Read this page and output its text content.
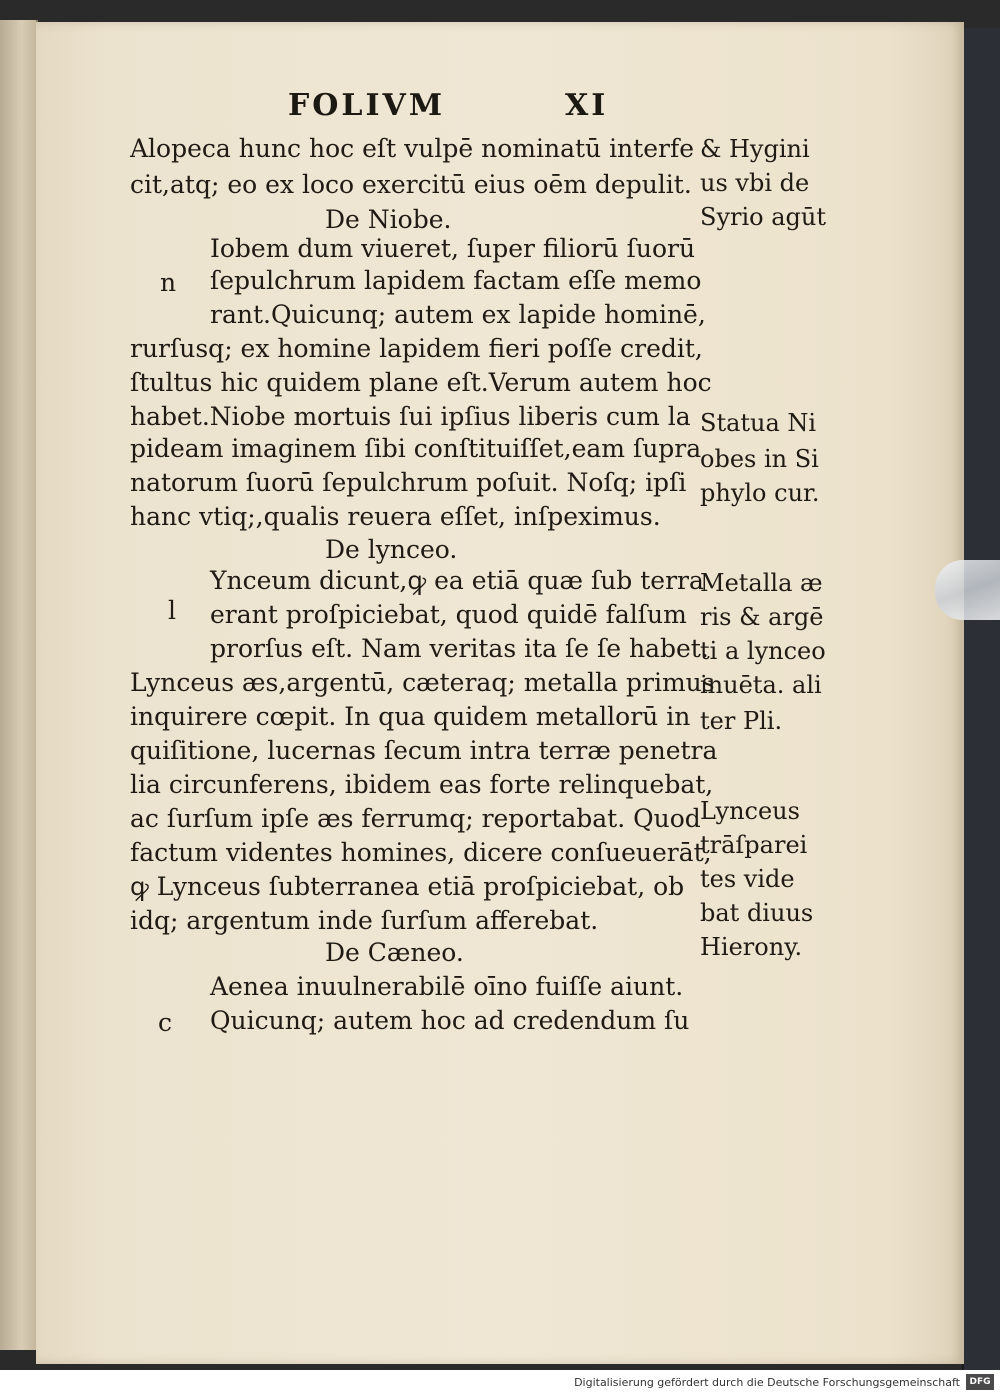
FOLIVM	XI
Alopeca hunc hoc eſt vulpē nominatū interfe
cit,atq; eo ex loco exercitū eius oēm depulit.
De Niobe.
Iobem dum viueret, ſuper filiorū ſuorū
ſepulchrum lapidem factam eſſe memo
rant.Quicunq; autem ex lapide hominē,
rurſusq; ex homine lapidem fieri poſſe credit,
ſtultus hic quidem plane eſt.Verum autem hoc
habet.Niobe mortuis ſui ipſius liberis cum la
pideam imaginem ſibi conſtituiſſet,eam ſupra
natorum ſuorū ſepulchrum poſuit. Noſq; ipſi
hanc vtiq;,qualis reuera eſſet, inſpeximus.
De lynceo.
Ynceum dicunt,ꝙ ea etiā quæ ſub terra
erant proſpiciebat, quod quidē falſum
prorſus eſt. Nam veritas ita ſe ſe habet.
Lynceus æs,argentū, cæteraq; metalla primus
inquirere cœpit. In qua quidem metallorū in
quiſitione, lucernas ſecum intra terræ penetra
lia circunferens, ibidem eas forte relinquebat,
ac ſurſum ipſe æs ferrumq; reportabat. Quod
factum videntes homines, dicere conſueuerāt,
ꝙ Lynceus ſubterranea etiā proſpiciebat, ob
idq; argentum inde ſurſum afferebat.
De Cæneo.
Aenea inuulnerabilē oīno fuiſſe aiunt.
Quicunq; autem hoc ad credendum ſu
n
l
c
& Hygini
us vbi de
Syrio agūt
Statua Ni
obes in Si
phylo cur.
Metalla æ
ris & argē
ti a lynceo
inuēta. ali
ter Pli.
Lynceus
trāſparei
tes vide
bat diuus
Hierony.
Digitalisierung gefördert durch die Deutsche Forschungsgemeinschaft	DFG
